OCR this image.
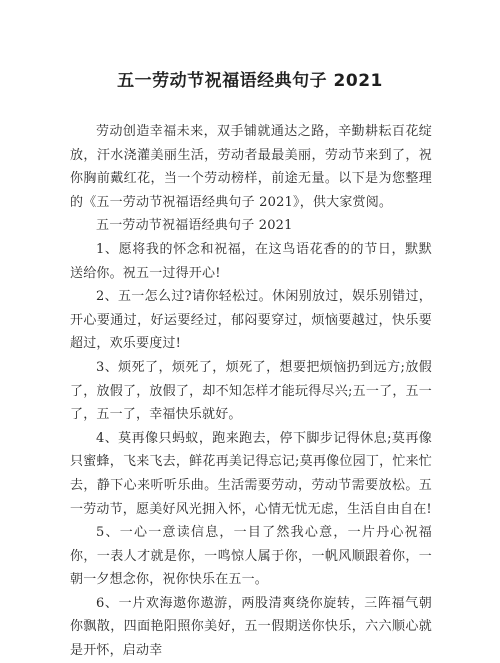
五一劳动节祝福语经典句子 2021

劳动创造幸福未来，双手铺就通达之路，辛勤耕耘百花绽放，汗水浇灌美丽生活，劳动者最最美丽，劳动节来到了，祝你胸前戴红花，当一个劳动榜样，前途无量。以下是为您整理的《五一劳动节祝福语经典句子 2021》，供大家赏阅。

五一劳动节祝福语经典句子 2021

1、愿将我的怀念和祝福，在这鸟语花香的的节日，默默送给你。祝五一过得开心!

2、五一怎么过?请你轻松过。休闲别放过，娱乐别错过，开心要通过，好运要经过，郁闷要穿过，烦恼要越过，快乐要超过，欢乐要度过!

3、烦死了，烦死了，烦死了，想要把烦恼扔到远方;放假了，放假了，放假了，却不知怎样才能玩得尽兴;五一了，五一了，五一了，幸福快乐就好。

4、莫再像只蚂蚁，跑来跑去，停下脚步记得休息;莫再像只蜜蜂，飞来飞去，鲜花再美记得忘记;莫再像位园丁，忙来忙去，静下心来听听乐曲。生活需要劳动，劳动节需要放松。五一劳动节，愿美好风光拥入怀，心情无忧无虑，生活自由自在!

5、一心一意读信息，一目了然我心意，一片丹心祝福你，一表人才就是你，一鸣惊人属于你，一帆风顺跟着你，一朝一夕想念你，祝你快乐在五一。

6、一片欢海遨你遨游，两股清爽绕你旋转，三阵福气朝你飘散，四面艳阳照你美好，五一假期送你快乐，六六顺心就是开怀，启动幸
